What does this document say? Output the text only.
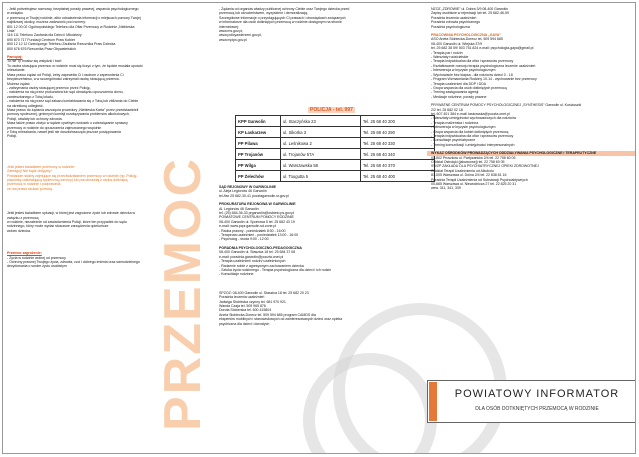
- Jeśli potrzebujesz rozmowy, bezpłatnej porady prawnej, wsparcia psychologicznego

w związku

z przemocą w Twojej rodzinie, albo odnalezienia informacji o miejscach pomocy Twojej

najbliższej okolicy, możesz zadzwonić pod numery:

801 12 00 02 Ogólnopolskiego Telefonu dla Ofiar Przemocy w Rodzinie „Niebieska

Linia"

116 111 Telefonu Zaufania dla Dzieci i Młodzieży

690 870 717 Fundacji Centrum Praw Kobiet

800 12 12 12 Dziecięcego Telefonu Zaufania Rzecznika Praw Dziecka

800 676 676 Rzecznika Praw Obywatelskich

Pamiętaj:

To nie Ty musisz się wstydzić i bać!

To osoba stosująca przemoc w rodzinie musi się liczyć z tym, że będzie musiała opuścić

mieszkanie.

Masz prawo żądać od Policji, żeby zapewniła Ci i osobom z zapewnienia Ci

bezpieczeństwo, a w szczególności zatrzymali osobę stosującą przemoc.

Możesz żądać:

- zatrzymania osoby stosującej przemoc przez Policję,

- nałożenia na nią przez prokuratora lub sąd obowiązku opuszczenia domu,

zamieszkanego z Tobą lokalu,

- nałożenia na nią przez sąd zakazu kontaktowania się z Tobą lub zbliżania do Ciebie

na określoną odległość.

Masz prawo do żądania wszczęcia procedury „Niebieska Karta" przez przedstawicieli

pomocy społecznej, gminnych komisji rozwiązywania problemów alkoholowych,

Policji, oświaty lub ochrony zdrowia.

Masz także prawo złożyć w sądzie cywilnym wniosek o zobowiązanie sprawcy

przemocy w rodzinie do opuszczenia zajmowanego wspólnie

z Tobą mieszkania, nawet jeśli nie doszło/wszczęto jeszcze postępowania

Policji.

Jeśli jesteś świadkiem przemocy w rodzinie:

Zareaguj! Nie bądź obojętny!

Powiadom służby zajmujące się przeciwdziałaniem przemocy w rodzinie (np. Policję,

placówkę oddziałującą społeczną pomocy) lub porozmawiaj z osobą dotkniętą

przemocą w rodzinie i podpowiedz,

że ma prawo szukać pomocy.

Jeśli jesteś świadkiem sytuacji, w której jest zagrożone życie lub zdrowie dziecka w

związku z przemocą

w rodzinie, niezależnie od zawiadomienia Policji, które ten przypadek do sądu

rodzinnego, który może wydać stosowne zarządzenia opiekuńcze

wobec dziecka.

Przemoc zagrożenie:

- Życia w rodzinie wolnej od przemocy

- Ochrony prawnej Twojego życia, zdrowia, czci i dobrego imienia oraz samodzielnego

decydowania o swoim życiu osobistym	PRZEMOC

- Żądania od organów władzy publicznej ochrony Ciebie oraz Twojego dziecka przed

przemocą lub okrucieństwem, wyzyskiem i demoralizacją.

Szczegółowe informacje o przysługujących Ci prawach i obowiązkach związanych

w informatorze dla osób dotkniętych przemocą w rodzinie dostępnym na stronie

internetowej:

www.ms.gov.pl,

www.policyawierzeni.gov.pl,

www.mpips.gov.pl

POLICJA - tel. 997
KPP Garwolin	ul. Staczyńska 23	Tel. 25 68 40 200
KP Łaskarzew	ul. Sikorka 3	Tel. 25 68 40 290
PP Pilawa	ul. Leśnikowa 2	Tel. 25 68 40 330
PP Trojanów	ul. Trojanów 57A	Tel. 25 68 40 340
PP Wilga	ul. Warszawska 58	Tel. 25 68 40 370
PP Żelechów	ul. Tougutta 5	Tel. 25 68 40 400

SĄD REJONOWY W GARWOLINIE

ul. Aleja Legionów 46 Garwolin

tel./fax 25 682-30-41 pocztagarwolin.sr.gov.pl

PROKURATURA REJONOWA W GARWOLINIE

Al. Legionów 46 Garwolin

tel. (25) 684-36-33 prgarwolin@oskteto.ps.gov.pl

POWIATOWE CENTRUM POMOCY RODZINIE

08-400 Garwolin ul. Sportowa 5 tel. 25 682 43 19

e-mail: www.pcpr.garwolin.sd.zone.pl

- Radca prawny - poniedziałek 8:00 - 16:00

- Terapeuta uzależnień - poniedziałek 13:00 - 16:00

- Psycholog - środa 9:00 - 12:00

PORADNIA PSYCHOLOGICZNO-PEDAGOGICZNA

08-400 Garwolin ul. Staszica 18 tel. 25 684 37 08

e-mail: poradnia.garwolin@poczta.onet.pl

- Terapia uzależnień/ rodzin/ uzależnionych

- Radzenie sobie z agresywnym zachowaniem dziecka

- Sztuka życia rodzinnego - Terapia psychologiczna dla dzieci i ich rodzin

- Konsultacje rodzinne

SPZOZ: 08-400 Garwolin ul. Staszica 18 tel. 25 682 20 23

Poradnia leczenia uzależnień

Jadwiga Stoblecka czynny tel. 681 970 921

Wanda Czaja tel. 509 965 876

Dorota Stoberska tel. 600 415804

Aneta Stobiecka-Dorecz tel. 509 594 685 program CAMDS dla

ekspertów mobilnych i stanowiskowych od zainteresowanych dzieci oraz opieka

psychiczna dla dzieci i dorosłych

NZOZ „ZDROWIE" ul. Dobra 3/9 08-400 Garwolin

Zapisy osobiście w rejestracji lub tel. 25 682-46-59

Poradnia leczenia uzależnień

Poradnia zdrowia psychicznego

Poradnia psychologiczna

PRACOWNIA PSYCHOLOGICZNA „GAYA"

ASO Aneta Stobiecka-Dorecz tel. 509 594 685

08-400 Garwolin ul. Wiejska 37/9

tel. 25 682 38 59/ 503 751 824 e-mail: psychologia-gaya@gmail.pl

- Terapia par i rodzin

- Warsztaty rodzicielskie

- Terapia indywidualna dla ofiar i sprawców przemocy

- Kształtowanie rozwoju terapia psychologiczna leczenie uzależnień

- Interwencja w kryzysie psychologicznym

- Wychowanie bez klapsa - dla rodziców dzieci 0 - 18

- Program Wzmacniania Rodziny 10-14 - wychowanie bez przemocy

- Terapia uzależnień dla DDP i DDA

- Grupa wsparcia dla osób dotkniętych przemocą

- Trening zastępowania agresji

- Mediacje rodzinne, porady prawne

PRYWATNE CENTRUM POMOCY PSYCHOLOGICZNEJ „SYNTHESIS" Garwolin ul. Kościuszki

2/2 tel. 25 682 02 18

tel. 607 401 384 e-mail: laskowska@poczta.onet.pl

- Warsztaty umiejętności wychowawczych dla rodziców

- Terapia malżeńska i rodzinna

- Interwencja w kryzysie psychologicznym

- Grupa wsparcia dla kobiet dotkniętych przemocą

- Terapia indywidualna dla ofiar i sprawców przemocy

- Konsultacje psychiatryczne

- Trening komunikacji i umiejętności interpersonalnych

WYKAZ OŚRODKÓW PROWADZĄCYCH ODDZIAŁYWANIA PSYCHOLOGICZNE I TERAPEUTYCZNE

05-802 Pruszków ul. Partyzantów 2/4 tel. 22 758 60 05

Oddział Ostrołęki (jałowcowej) tel. 22 758 60 05

SWZP ZAKŁADU DLA PSYCHIATRYCZNEJ OPIEKI ZDROWOTNEJ

Oddział Terapii Uzależnienia od Alkoholu

81-005 Warszawa ul. Dolna 2/4 tel. 22 838 81 16

Poradnia Terapii Uzależnienia od Substancji Psychoaktywnych

00-665 Warszawa ul. Niewodnicza 27 tel. 22 825 20 31

wew. 311, 341, 339

POWIATOWY INFORMATOR
DLA OSÓB DOTKNIĘTYCH PRZEMOCĄ W RODZINIE
